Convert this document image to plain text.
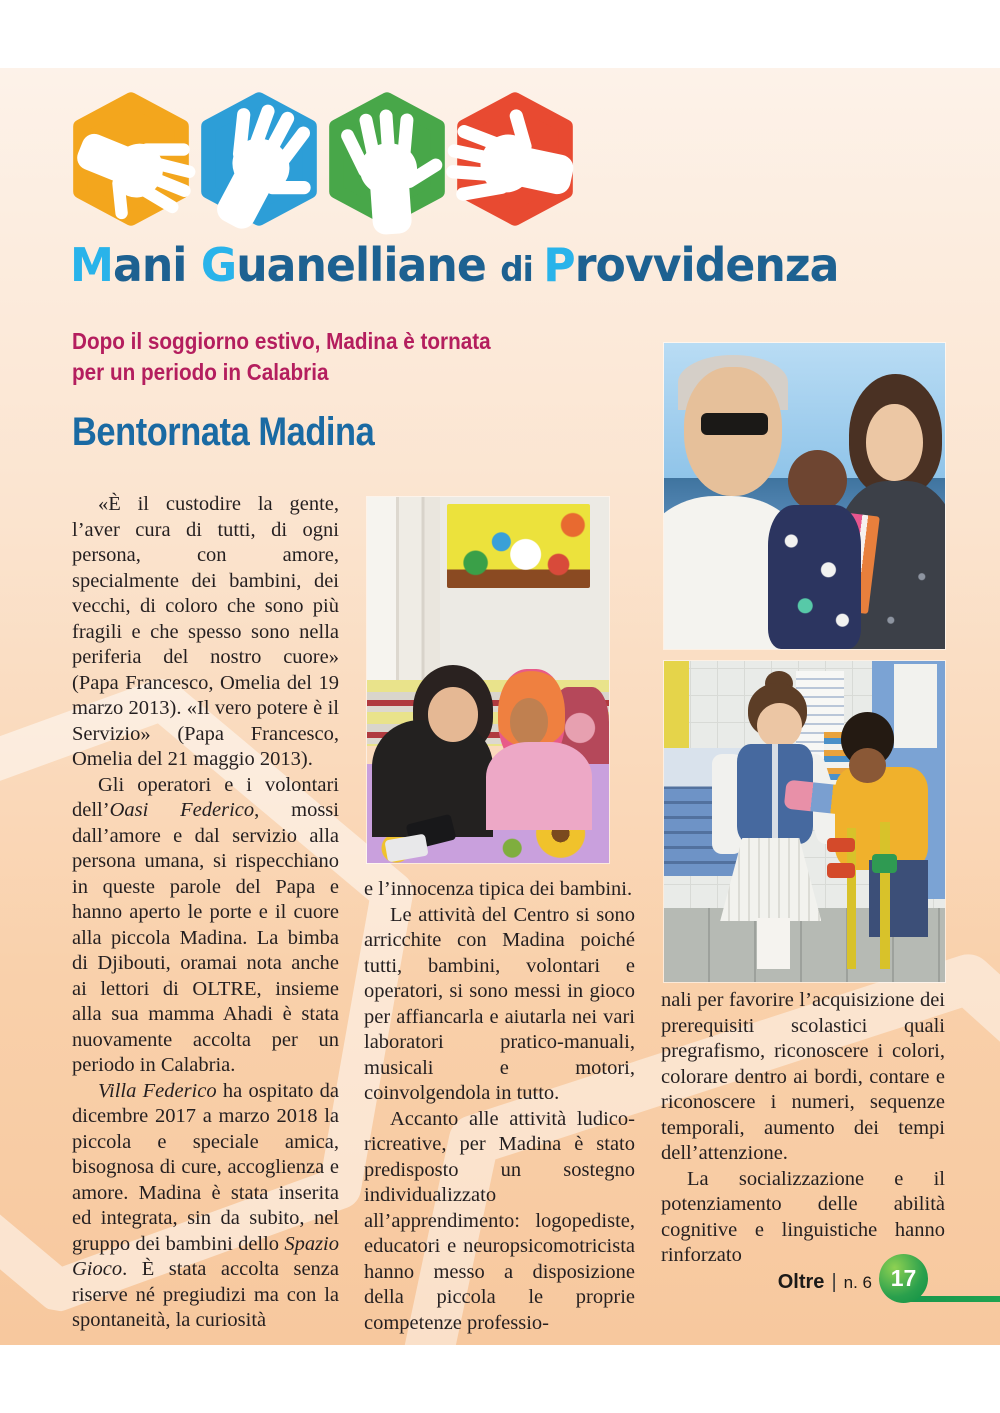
Mani Guanelliane di Provvidenza

Dopo il soggiorno estivo, Madina è tornata
per un periodo in Calabria

Bentornata Madina

«È il custodire la gente, l’aver cura di tutti, di ogni persona, con amore, specialmente dei bambini, dei vecchi, di coloro che sono più fragili e che spesso sono nella periferia del nostro cuore» (Papa Francesco, Omelia del 19 marzo 2013). «Il vero potere è il Servizio» (Papa Francesco, Omelia del 21 maggio 2013).

Gli operatori e i volontari dell’Oasi Federico, mossi dall’amore e dal servizio alla persona umana, si rispecchiano in queste parole del Papa e hanno aperto le porte e il cuore alla piccola Madina. La bimba di Djibouti, oramai nota anche ai lettori di OLTRE, insieme alla sua mamma Ahadi è stata nuovamente accolta per un periodo in Calabria.

Villa Federico ha ospitato da dicembre 2017 a marzo 2018 la piccola e speciale amica, bisognosa di cure, accoglienza e amore. Madina è stata inserita ed integrata, sin da subito, nel gruppo dei bambini dello Spazio Gioco. È stata accolta senza riserve né pregiudizi ma con la spontaneità, la curiosità

e l’innocenza tipica dei bambini.

Le attività del Centro si sono arricchite con Madina poiché tutti, bambini, volontari e operatori, si sono messi in gioco per affiancarla e aiutarla nei vari laboratori pratico-manuali, musicali e motori, coinvolgendola in tutto.

Accanto alle attività ludico-ricreative, per Madina è stato predisposto un sostegno individualizzato all’apprendimento: logopediste, educatori e neuropsicomotricista hanno messo a disposizione della piccola le proprie competenze professio-

nali per favorire l’acquisizione dei prerequisiti scolastici quali pregrafismo, riconoscere i colori, colorare dentro ai bordi, contare e riconoscere i numeri, sequenze temporali, aumento dei tempi dell’attenzione.

La socializzazione e il potenziamento delle abilità cognitive e linguistiche hanno rinforzato

Oltre | n. 6 17
